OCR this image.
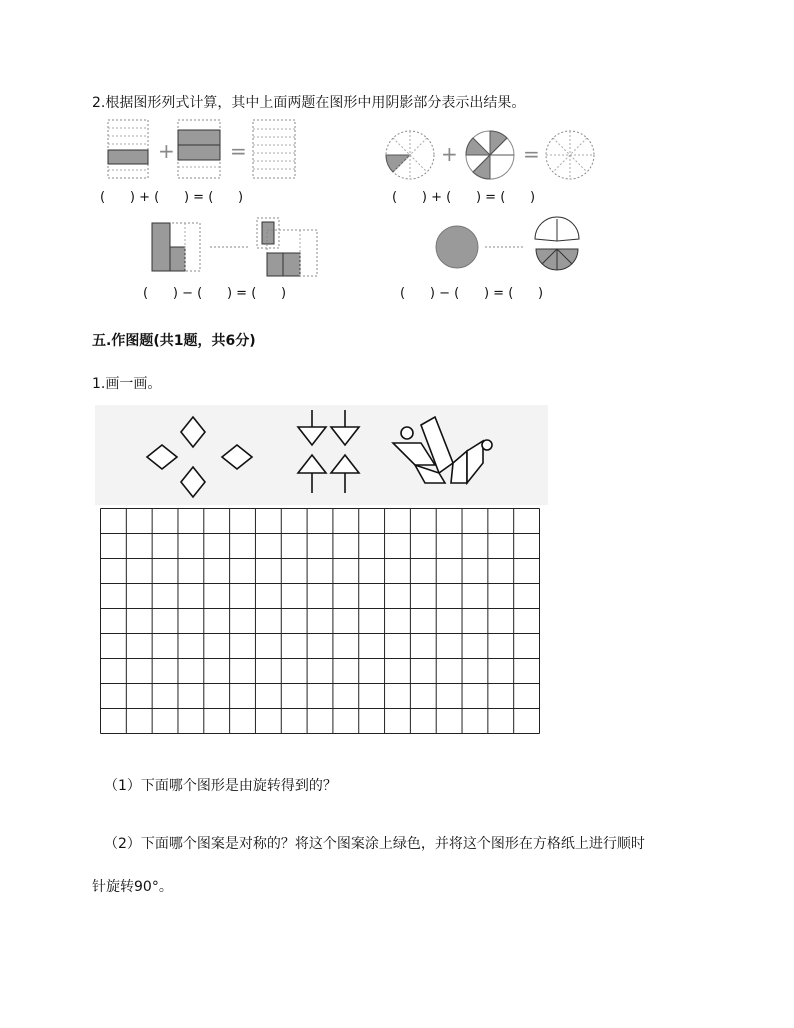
2.根据图形列式计算，其中上面两题在图形中用阴影部分表示出结果。
+	=
(      ) + (      ) = (      )
+	=
(      ) + (      ) = (      )
(      ) − (      ) = (      )	(      ) − (      ) = (      )
五.作图题(共1题，共6分)
1.画一画。
（1）下面哪个图形是由旋转得到的？
（2）下面哪个图案是对称的？将这个图案涂上绿色，并将这个图形在方格纸上进行顺时
针旋转90°。
